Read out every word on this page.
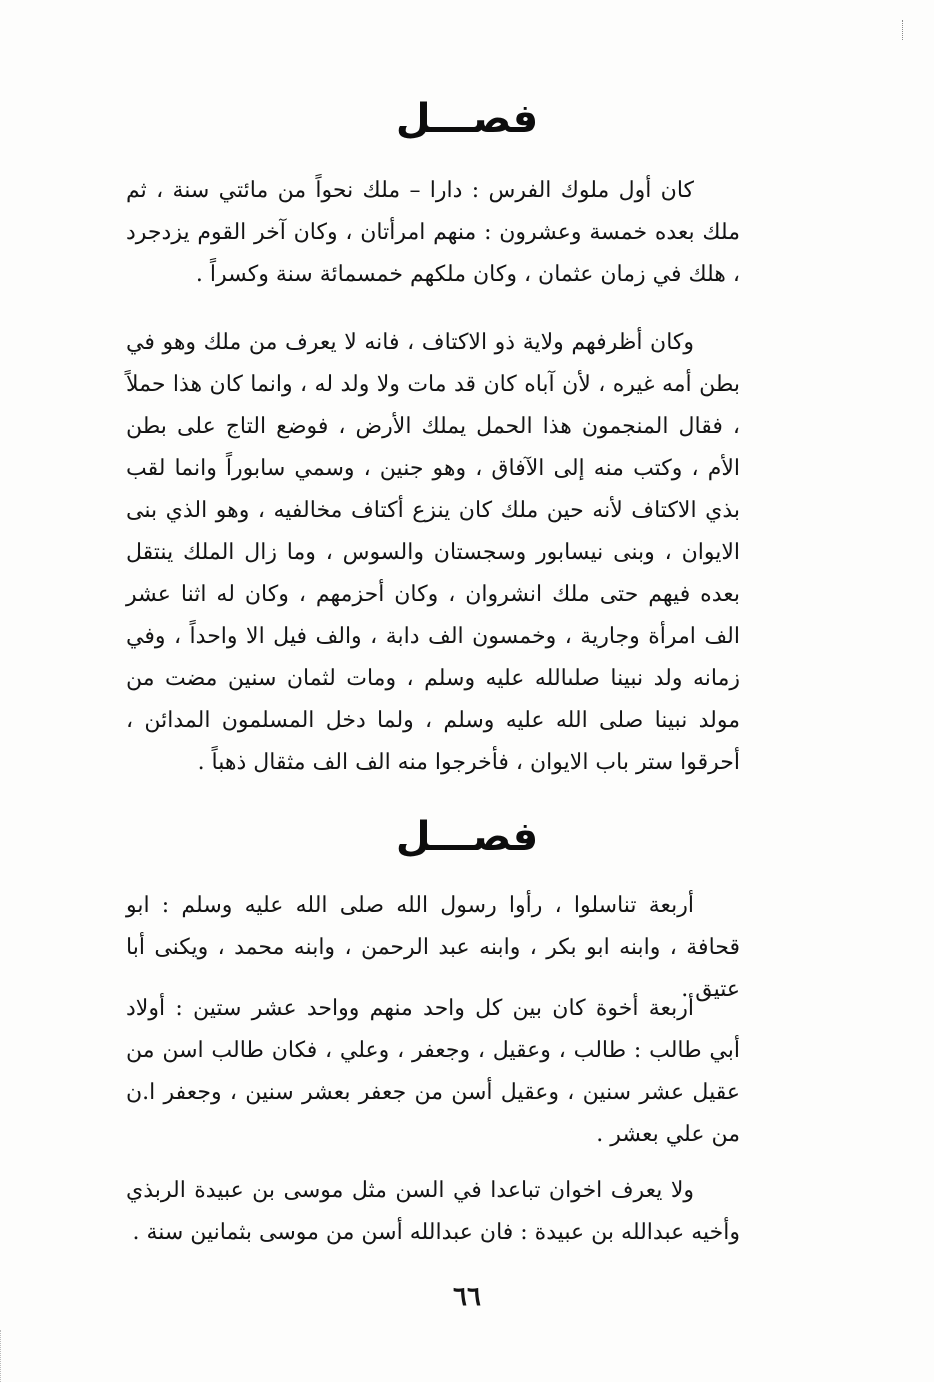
فصـــل

كان أول ملوك الفرس : دارا – ملك نحواً من مائتي سنة ، ثم ملك بعده خمسة وعشرون : منهم امرأتان ، وكان آخر القوم يزدجرد ، هلك في زمان عثمان ، وكان ملكهم خمسمائة سنة وكسراً .

وكان أظرفهم ولاية ذو الاكتاف ، فانه لا يعرف من ملك وهو في بطن أمه غيره ، لأن آباه كان قد مات ولا ولد له ، وانما كان هذا حملاً ، فقال المنجمون هذا الحمل يملك الأرض ، فوضع التاج على بطن الأم ، وكتب منه إلى الآفاق ، وهو جنين ، وسمي سابوراً وانما لقب بذي الاكتاف لأنه حين ملك كان ينزع أكتاف مخالفيه ، وهو الذي بنى الايوان ، وبنى نيسابور وسجستان والسوس ، وما زال الملك ينتقل بعده فيهم حتى ملك انشروان ، وكان أحزمهم ، وكان له اثنا عشر الف امرأة وجارية ، وخمسون الف دابة ، والف فيل الا واحداً ، وفي زمانه ولد نبينا صلىالله عليه وسلم ، ومات لثمان سنين مضت من مولد نبينا صلى الله عليه وسلم ، ولما دخل المسلمون المدائن ، أحرقوا ستر باب الايوان ، فأخرجوا منه الف الف مثقال ذهباً .

فصـــل

أربعة تناسلوا ، رأوا رسول الله صلى الله عليه وسلم : ابو قحافة ، وابنه ابو بكر ، وابنه عبد الرحمن ، وابنه محمد ، ويكنى أبا عتيق .

أربعة أخوة كان بين كل واحد منهم وواحد عشر ستين : أولاد أبي طالب : طالب ، وعقيل ، وجعفر ، وعلي ، فكان طالب اسن من عقيل عشر سنين ، وعقيل أسن من جعفر بعشر سنين ، وجعفر ا.ن من علي بعشر .

ولا يعرف اخوان تباعدا في السن مثل موسى بن عبيدة الربذي وأخيه عبدالله بن عبيدة : فان عبدالله أسن من موسى بثمانين سنة .

٦٦
